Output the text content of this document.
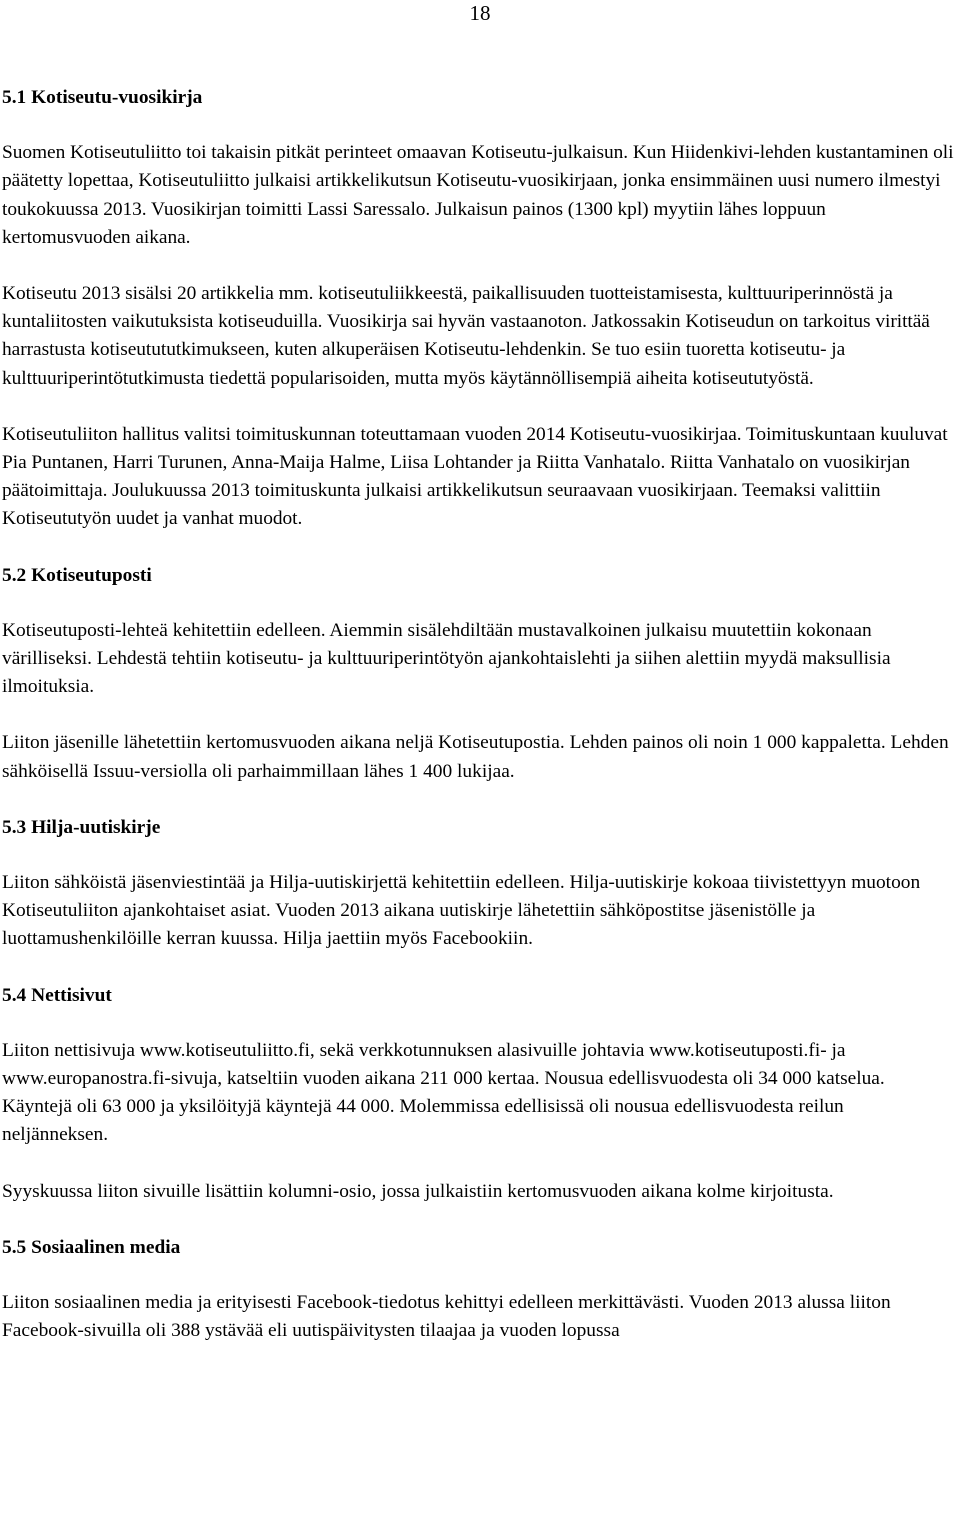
18
5.1 Kotiseutu-vuosikirja

Suomen Kotiseutuliitto toi takaisin pitkät perinteet omaavan Kotiseutu-julkaisun. Kun Hiidenkivi-lehden kustantaminen oli päätetty lopettaa, Kotiseutuliitto julkaisi artikkelikutsun Kotiseutu-vuosikirjaan, jonka ensimmäinen uusi numero ilmestyi toukokuussa 2013. Vuosikirjan toimitti Lassi Saressalo. Julkaisun painos (1300 kpl) myytiin lähes loppuun kertomusvuoden aikana.

Kotiseutu 2013 sisälsi 20 artikkelia mm. kotiseutuliikkeestä, paikallisuuden tuotteistamisesta, kulttuuriperinnöstä ja kuntaliitosten vaikutuksista kotiseuduilla. Vuosikirja sai hyvän vastaanoton. Jatkossakin Kotiseudun on tarkoitus virittää harrastusta kotiseutututkimukseen, kuten alkuperäisen Kotiseutu-lehdenkin. Se tuo esiin tuoretta kotiseutu- ja kulttuuriperintötutkimusta tiedettä popularisoiden, mutta myös käytännöllisempiä aiheita kotiseututyöstä.

Kotiseutuliiton hallitus valitsi toimituskunnan toteuttamaan vuoden 2014 Kotiseutu-vuosikirjaa. Toimituskuntaan kuuluvat Pia Puntanen, Harri Turunen, Anna-Maija Halme, Liisa Lohtander ja Riitta Vanhatalo. Riitta Vanhatalo on vuosikirjan päätoimittaja. Joulukuussa 2013 toimituskunta julkaisi artikkelikutsun seuraavaan vuosikirjaan. Teemaksi valittiin Kotiseututyön uudet ja vanhat muodot.

5.2 Kotiseutuposti

Kotiseutuposti-lehteä kehitettiin edelleen. Aiemmin sisälehdiltään mustavalkoinen julkaisu muutettiin kokonaan värilliseksi. Lehdestä tehtiin kotiseutu- ja kulttuuriperintötyön ajankohtaislehti ja siihen alettiin myydä maksullisia ilmoituksia.

Liiton jäsenille lähetettiin kertomusvuoden aikana neljä Kotiseutupostia. Lehden painos oli noin 1 000 kappaletta. Lehden sähköisellä Issuu-versiolla oli parhaimmillaan lähes 1 400 lukijaa.

5.3 Hilja-uutiskirje

Liiton sähköistä jäsenviestintää ja Hilja-uutiskirjettä kehitettiin edelleen. Hilja-uutiskirje kokoaa tiivistettyyn muotoon Kotiseutuliiton ajankohtaiset asiat. Vuoden 2013 aikana uutiskirje lähetettiin sähköpostitse jäsenistölle ja luottamushenkilöille kerran kuussa. Hilja jaettiin myös Facebookiin.

5.4 Nettisivut

Liiton nettisivuja www.kotiseutuliitto.fi, sekä verkkotunnuksen alasivuille johtavia www.kotiseutuposti.fi- ja www.europanostra.fi-sivuja, katseltiin vuoden aikana 211 000 kertaa. Nousua edellisvuodesta oli 34 000 katselua. Käyntejä oli 63 000 ja yksilöityjä käyntejä 44 000. Molemmissa edellisissä oli nousua edellisvuodesta reilun neljänneksen.

Syyskuussa liiton sivuille lisättiin kolumni-osio, jossa julkaistiin kertomusvuoden aikana kolme kirjoitusta.

5.5 Sosiaalinen media

Liiton sosiaalinen media ja erityisesti Facebook-tiedotus kehittyi edelleen merkittävästi. Vuoden 2013 alussa liiton Facebook-sivuilla oli 388 ystävää eli uutispäivitysten tilaajaa ja vuoden lopussa
